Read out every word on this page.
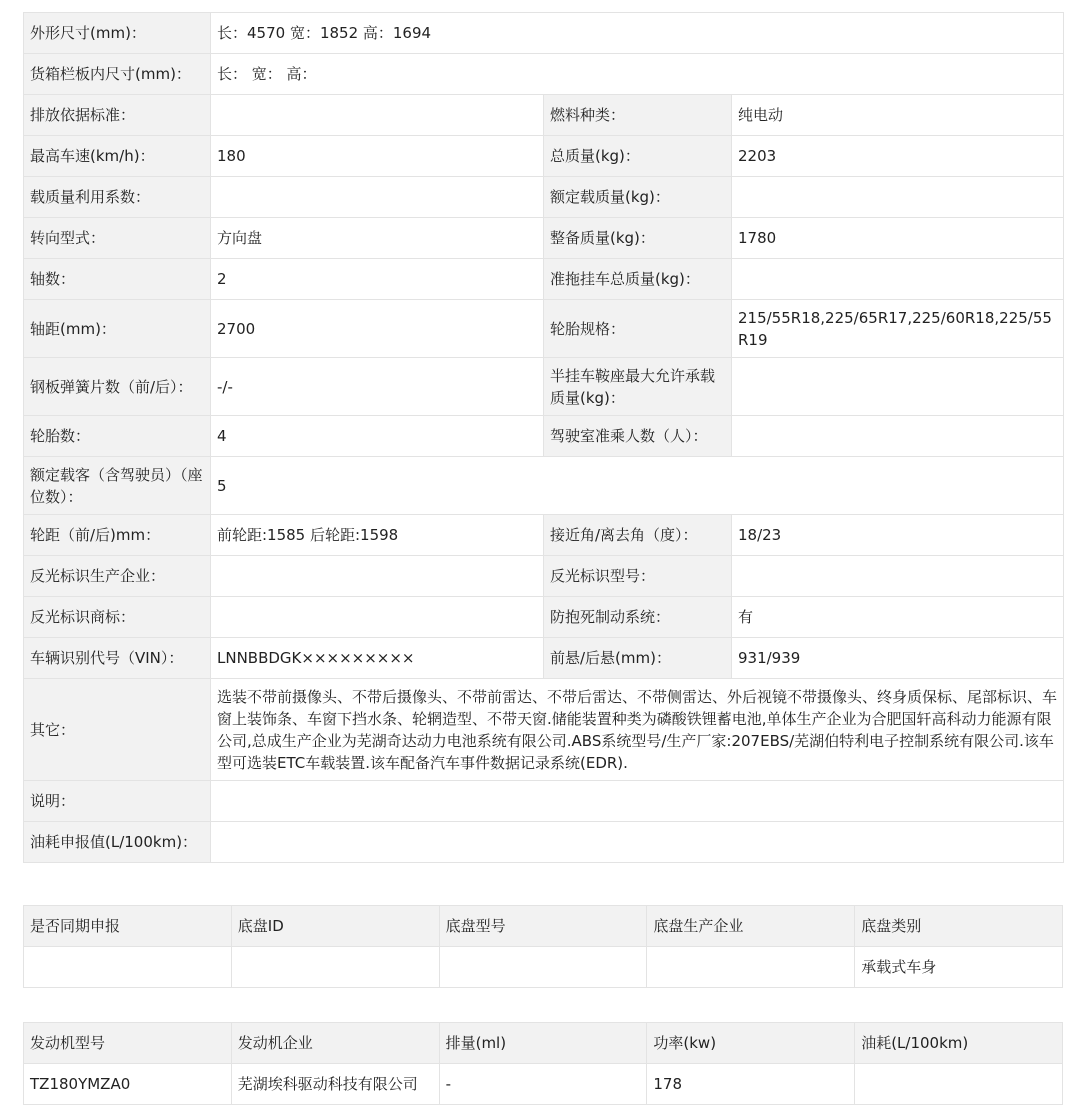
外形尺寸(mm)：	长：4570 宽：1852 高：1694		
货箱栏板内尺寸(mm)：	长： 宽： 高：		
排放依据标准：		燃料种类：	纯电动
最高车速(km/h)：	180	总质量(kg)：	2203
载质量利用系数：		额定载质量(kg)：	
转向型式：	方向盘	整备质量(kg)：	1780
轴数：	2	准拖挂车总质量(kg)：	
轴距(mm)：	2700	轮胎规格：	215/55R18,225/65R17,225/60R18,225/55R19
钢板弹簧片数（前/后）：	-/-	半挂车鞍座最大允许承载质量(kg)：	
轮胎数：	4	驾驶室准乘人数（人）：	
额定载客（含驾驶员）（座位数）：	5		
轮距（前/后)mm：	前轮距:1585 后轮距:1598	接近角/离去角（度）：	18/23
反光标识生产企业：		反光标识型号：	
反光标识商标：		防抱死制动系统：	有
车辆识别代号（VIN）：	LNNBBDGK×××××××××	前悬/后悬(mm)：	931/939
其它：	选装不带前摄像头、不带后摄像头、不带前雷达、不带后雷达、不带侧雷达、外后视镜不带摄像头、终身质保标、尾部标识、车窗上装饰条、车窗下挡水条、轮辋造型、不带天窗.储能装置种类为磷酸铁锂蓄电池,单体生产企业为合肥国轩高科动力能源有限公司,总成生产企业为芜湖奇达动力电池系统有限公司.ABS系统型号/生产厂家:207EBS/芜湖伯特利电子控制系统有限公司.该车型可选装ETC车载装置.该车配备汽车事件数据记录系统(EDR).		
说明：			
油耗申报值(L/100km)：			
是否同期申报	底盘ID	底盘型号	底盘生产企业	底盘类别
				承载式车身
发动机型号	发动机企业	排量(ml)	功率(kw)	油耗(L/100km)
TZ180YMZA0	芜湖埃科驱动科技有限公司	-	178	
